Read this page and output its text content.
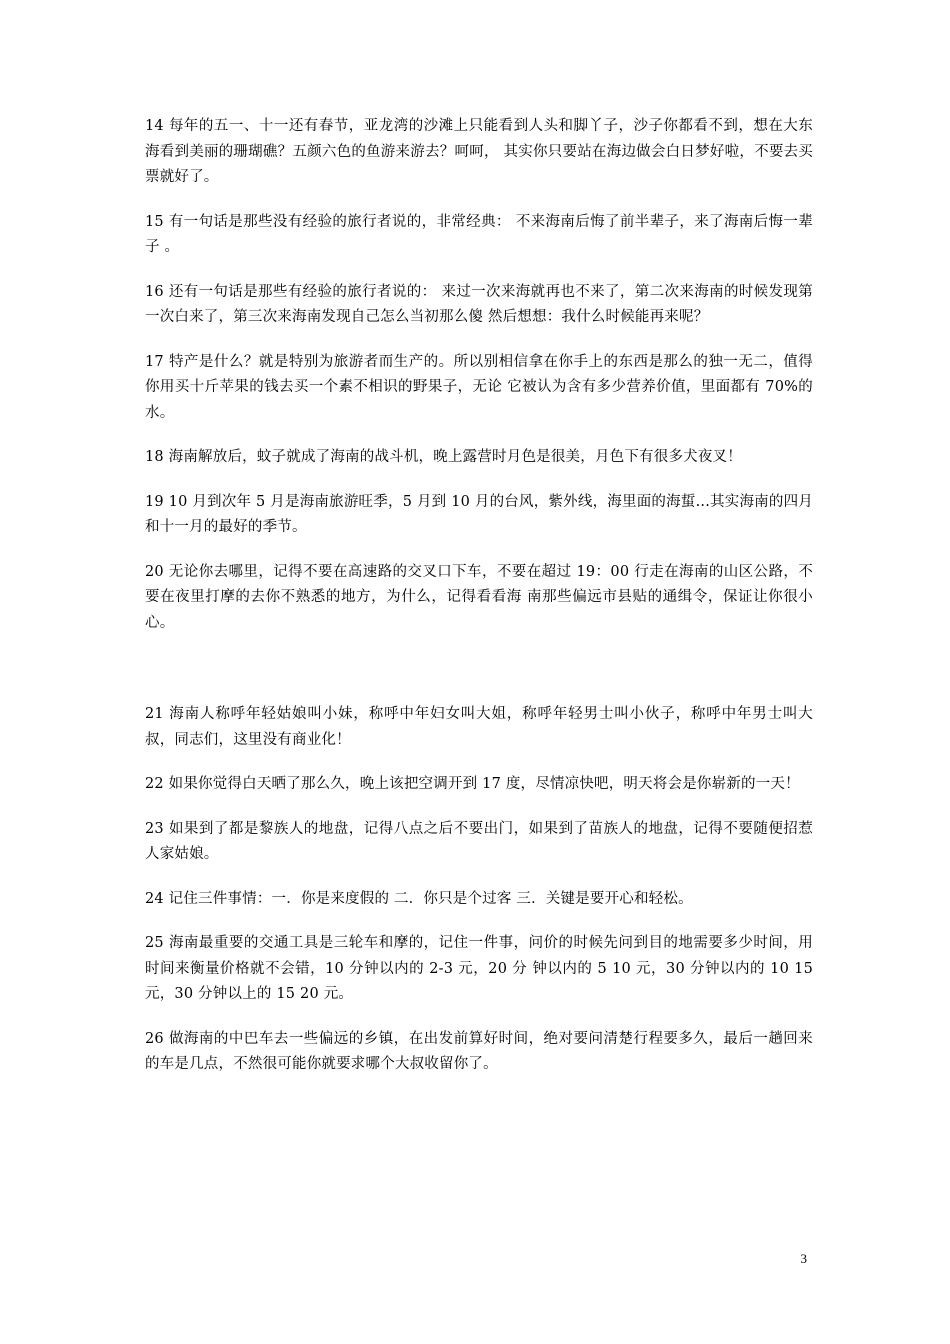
14 每年的五一、十一还有春节，亚龙湾的沙滩上只能看到人头和脚丫子，沙子你都看不到，想在大东海看到美丽的珊瑚礁？五颜六色的鱼游来游去？呵呵， 其实你只要站在海边做会白日梦好啦，不要去买票就好了。

15 有一句话是那些没有经验的旅行者说的，非常经典： 不来海南后悔了前半辈子，来了海南后悔一辈子 。

16 还有一句话是那些有经验的旅行者说的： 来过一次来海就再也不来了，第二次来海南的时候发现第一次白来了，第三次来海南发现自己怎么当初那么傻 然后想想：我什么时候能再来呢？

17 特产是什么？就是特别为旅游者而生产的。所以别相信拿在你手上的东西是那么的独一无二，值得你用买十斤苹果的钱去买一个素不相识的野果子，无论 它被认为含有多少营养价值，里面都有 70%的水。

18 海南解放后，蚊子就成了海南的战斗机，晚上露营时月色是很美，月色下有很多犬夜叉！

19 10 月到次年 5 月是海南旅游旺季，5 月到 10 月的台风，紫外线，海里面的海蜇...其实海南的四月和十一月的最好的季节。

20 无论你去哪里，记得不要在高速路的交叉口下车，不要在超过 19：00 行走在海南的山区公路，不要在夜里打摩的去你不熟悉的地方，为什么，记得看看海 南那些偏远市县贴的通缉令，保证让你很小心。

21 海南人称呼年轻姑娘叫小妹，称呼中年妇女叫大姐，称呼年轻男士叫小伙子，称呼中年男士叫大叔，同志们，这里没有商业化！

22 如果你觉得白天晒了那么久，晚上该把空调开到 17 度，尽情凉快吧，明天将会是你崭新的一天！

23 如果到了都是黎族人的地盘，记得八点之后不要出门，如果到了苗族人的地盘，记得不要随便招惹人家姑娘。

24 记住三件事情：一．你是来度假的 二．你只是个过客 三．关键是要开心和轻松。

25 海南最重要的交通工具是三轮车和摩的，记住一件事，问价的时候先问到目的地需要多少时间，用时间来衡量价格就不会错，10 分钟以内的 2-3 元，20 分 钟以内的 5 10 元，30 分钟以内的 10 15 元，30 分钟以上的 15 20 元。

26 做海南的中巴车去一些偏远的乡镇，在出发前算好时间，绝对要问清楚行程要多久，最后一趟回来的车是几点，不然很可能你就要求哪个大叔收留你了。

3
